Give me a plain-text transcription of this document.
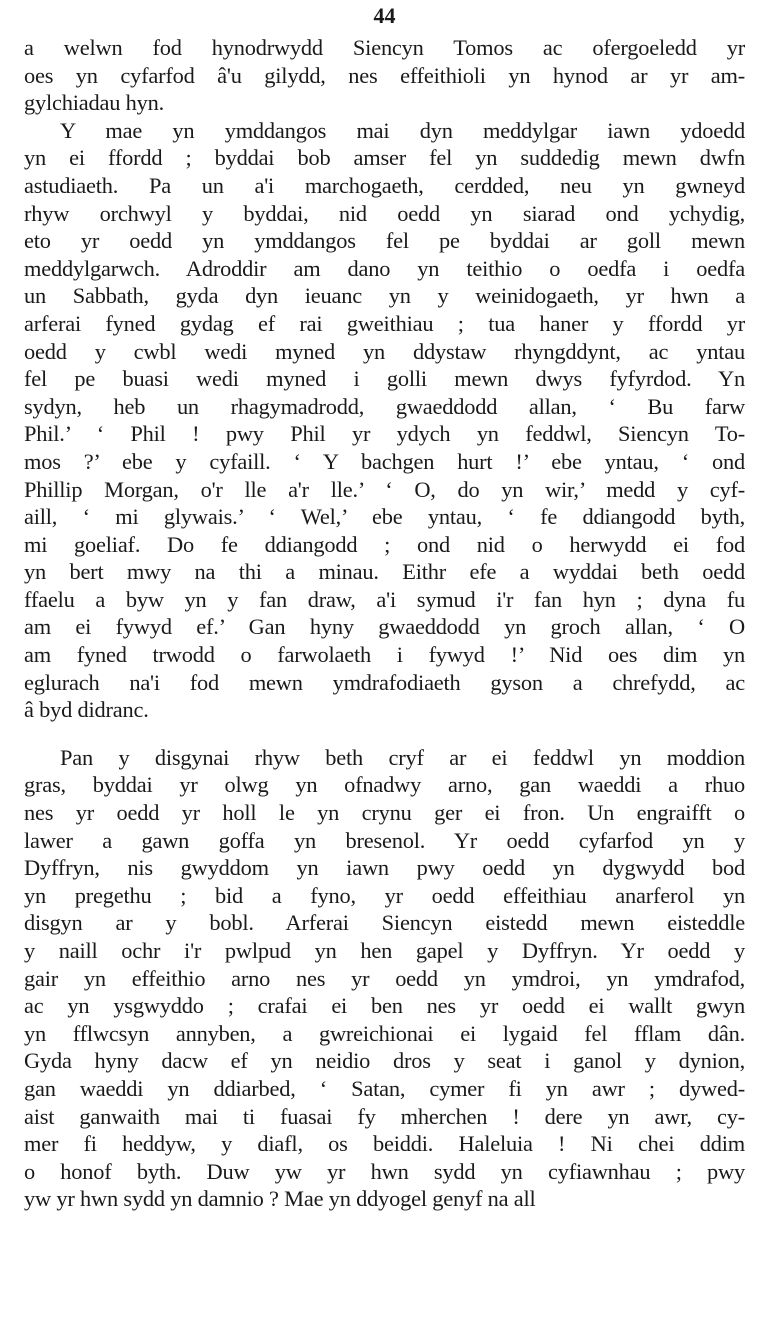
44
a welwn fod hynodrwydd Siencyn Tomos ac ofergoeledd yr
oes yn cyfarfod â'u gilydd, nes effeithioli yn hynod ar yr am-
gylchiadau hyn.
Y mae yn ymddangos mai dyn meddylgar iawn ydoedd
yn ei ffordd ; byddai bob amser fel yn suddedig mewn dwfn
astudiaeth. Pa un a'i marchogaeth, cerdded, neu yn gwneyd
rhyw orchwyl y byddai, nid oedd yn siarad ond ychydig,
eto yr oedd yn ymddangos fel pe byddai ar goll mewn
meddylgarwch. Adroddir am dano yn teithio o oedfa i oedfa
un Sabbath, gyda dyn ieuanc yn y weinidogaeth, yr hwn a
arferai fyned gydag ef rai gweithiau ; tua haner y ffordd yr
oedd y cwbl wedi myned yn ddystaw rhyngddynt, ac yntau
fel pe buasi wedi myned i golli mewn dwys fyfyrdod. Yn
sydyn, heb un rhagymadrodd, gwaeddodd allan, ‘ Bu farw
Phil.’ ‘ Phil ! pwy Phil yr ydych yn feddwl, Siencyn To-
mos ?’ ebe y cyfaill. ‘ Y bachgen hurt !’ ebe yntau, ‘ ond
Phillip Morgan, o'r lle a'r lle.’ ‘ O, do yn wir,’ medd y cyf-
aill, ‘ mi glywais.’ ‘ Wel,’ ebe yntau, ‘ fe ddiangodd byth,
mi goeliaf. Do fe ddiangodd ; ond nid o herwydd ei fod
yn bert mwy na thi a minau. Eithr efe a wyddai beth oedd
ffaelu a byw yn y fan draw, a'i symud i'r fan hyn ; dyna fu
am ei fywyd ef.’ Gan hyny gwaeddodd yn groch allan, ‘ O
am fyned trwodd o farwolaeth i fywyd !’ Nid oes dim yn
eglurach na'i fod mewn ymdrafodiaeth gyson a chrefydd, ac
â byd didranc.
Pan y disgynai rhyw beth cryf ar ei feddwl yn moddion
gras, byddai yr olwg yn ofnadwy arno, gan waeddi a rhuo
nes yr oedd yr holl le yn crynu ger ei fron. Un engraifft o
lawer a gawn goffa yn bresenol. Yr oedd cyfarfod yn y
Dyffryn, nis gwyddom yn iawn pwy oedd yn dygwydd bod
yn pregethu ; bid a fyno, yr oedd effeithiau anarferol yn
disgyn ar y bobl. Arferai Siencyn eistedd mewn eisteddle
y naill ochr i'r pwlpud yn hen gapel y Dyffryn. Yr oedd y
gair yn effeithio arno nes yr oedd yn ymdroi, yn ymdrafod,
ac yn ysgwyddo ; crafai ei ben nes yr oedd ei wallt gwyn
yn fflwcsyn annyben, a gwreichionai ei lygaid fel fflam dân.
Gyda hyny dacw ef yn neidio dros y seat i ganol y dynion,
gan waeddi yn ddiarbed, ‘ Satan, cymer fi yn awr ; dywed-
aist ganwaith mai ti fuasai fy mherchen ! dere yn awr, cy-
mer fi heddyw, y diafl, os beiddi. Haleluia ! Ni chei ddim
o honof byth. Duw yw yr hwn sydd yn cyfiawnhau ; pwy
yw yr hwn sydd yn damnio ? Mae yn ddyogel genyf na all
